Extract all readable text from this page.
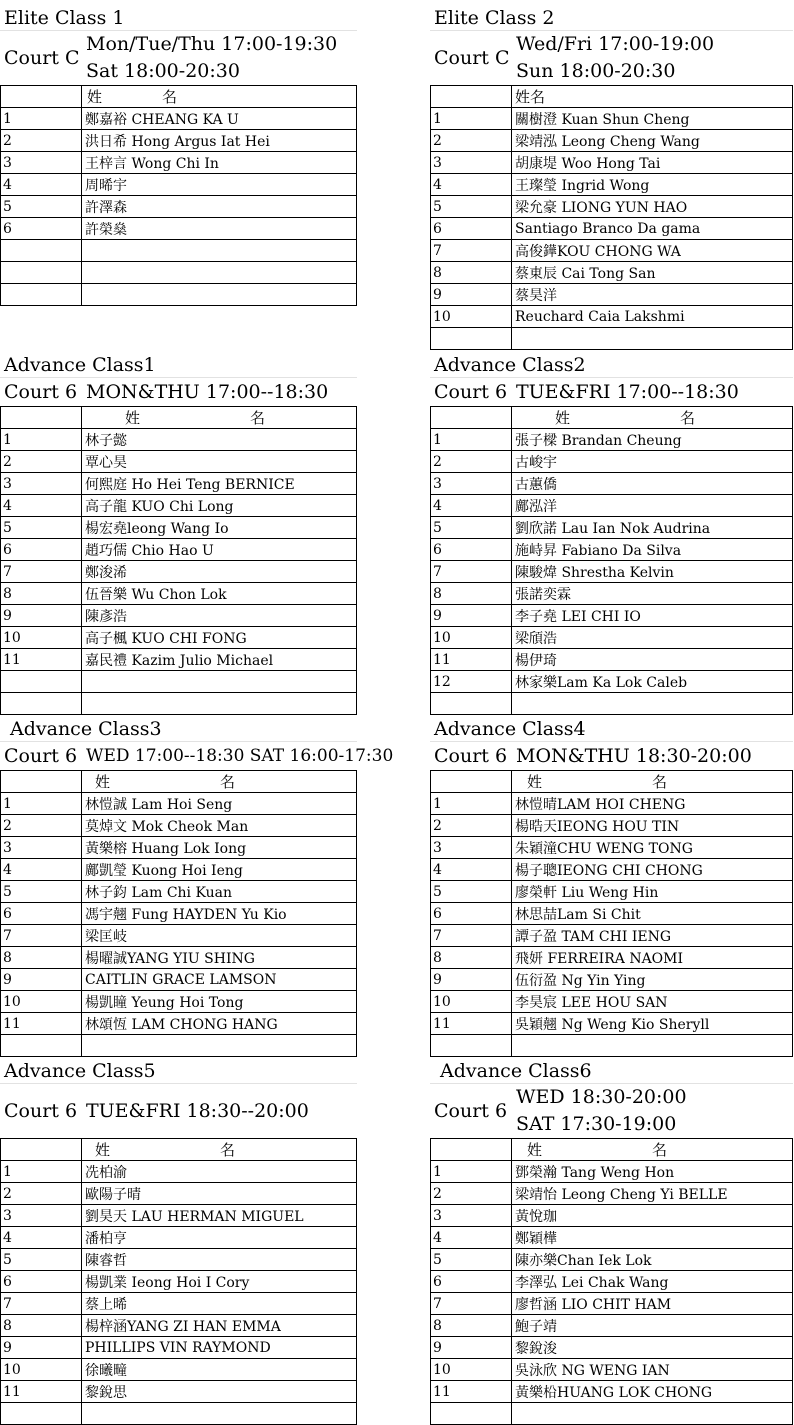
Elite Class 1
Court C	
Mon/Tue/Thu 17:00-19:30
Sat 18:00-20:30
	姓 名
1	鄭嘉裕 CHEANG KA U
2	洪日希 Hong Argus Iat Hei
3	王梓言 Wong Chi In
4	周晞宇
5	許澤森
6	許榮燊

Elite Class 2
Court C	
Wed/Fri 17:00-19:00
Sun 18:00-20:30
	姓名
1	關樹澄 Kuan Shun Cheng
2	梁靖泓 Leong Cheng Wang
3	胡康堤 Woo Hong Tai
4	王璨瑩 Ingrid Wong
5	梁允豪 LIONG YUN HAO
6	Santiago Branco Da gama
7	高俊鏵KOU CHONG WA
8	蔡東辰 Cai Tong San
9	蔡昊洋
10	Reuchard Caia Lakshmi

Advance Class1
Court 6	MON&THU 17:00--18:30
	姓 名
1	林子懿
2	覃心昊
3	何熙庭 Ho Hei Teng BERNICE
4	高子龍 KUO Chi Long
5	楊宏堯leong Wang Io
6	趙巧儒 Chio Hao U
7	鄭浚浠
8	伍晉樂 Wu Chon Lok
9	陳彥浩
10	高子楓 KUO CHI FONG
11	嘉民禮 Kazim Julio Michael

Advance Class2
Court 6	TUE&FRI 17:00--18:30
	姓 名
1	張子樑 Brandan Cheung
2	古峻宇
3	古蕙僑
4	鄺泓洋
5	劉欣諾 Lau Ian Nok Audrina
6	施峙昇 Fabiano Da Silva
7	陳駿煒 Shrestha Kelvin
8	張諾奕霖
9	李子堯 LEI CHI IO
10	梁頎浩
11	楊伊琦
12	林家樂Lam Ka Lok Caleb

Advance Class3
Court 6	WED 17:00--18:30 SAT 16:00-17:30
	姓 名
1	林愷誠 Lam Hoi Seng
2	莫焯文 Mok Cheok Man
3	黃樂榕 Huang Lok Iong
4	鄺凱瑩 Kuong Hoi Ieng
5	林子鈞 Lam Chi Kuan
6	馮宇翹 Fung HAYDEN Yu Kio
7	梁匡岐
8	楊曜誠YANG YIU SHING
9	CAITLIN GRACE LAMSON
10	楊凱瞳 Yeung Hoi Tong
11	林頌恆 LAM CHONG HANG

Advance Class4
Court 6	MON&THU 18:30-20:00
	姓 名
1	林愷晴LAM HOI CHENG
2	楊晧天IEONG HOU TIN
3	朱穎潼CHU WENG TONG
4	楊子聰IEONG CHI CHONG
5	廖榮軒 Liu Weng Hin
6	林思喆Lam Si Chit
7	譚子盈 TAM CHI IENG
8	飛妍 FERREIRA NAOMI
9	伍衍盈 Ng Yin Ying
10	李昊宸 LEE HOU SAN
11	吳穎翹 Ng Weng Kio Sheryll

Advance Class5
Court 6	TUE&FRI 18:30--20:00
	姓 名
1	冼柏渝
2	歐陽子晴
3	劉昊天 LAU HERMAN MIGUEL
4	潘柏亨
5	陳睿哲
6	楊凱業 Ieong Hoi I Cory
7	蔡上晞
8	楊梓涵YANG ZI HAN EMMA
9	PHILLIPS VIN RAYMOND
10	徐曦疃
11	黎銳思

Advance Class6
Court 6	
WED 18:30-20:00
SAT 17:30-19:00
	姓 名
1	鄧榮瀚 Tang Weng Hon
2	梁靖怡 Leong Cheng Yi BELLE
3	黃悅珈
4	鄭穎樺
5	陳亦樂Chan Iek Lok
6	李澤弘 Lei Chak Wang
7	廖哲涵 LIO CHIT HAM
8	鮑子靖
9	黎銳浚
10	吳泳欣 NG WENG IAN
11	黃樂柗HUANG LOK CHONG
